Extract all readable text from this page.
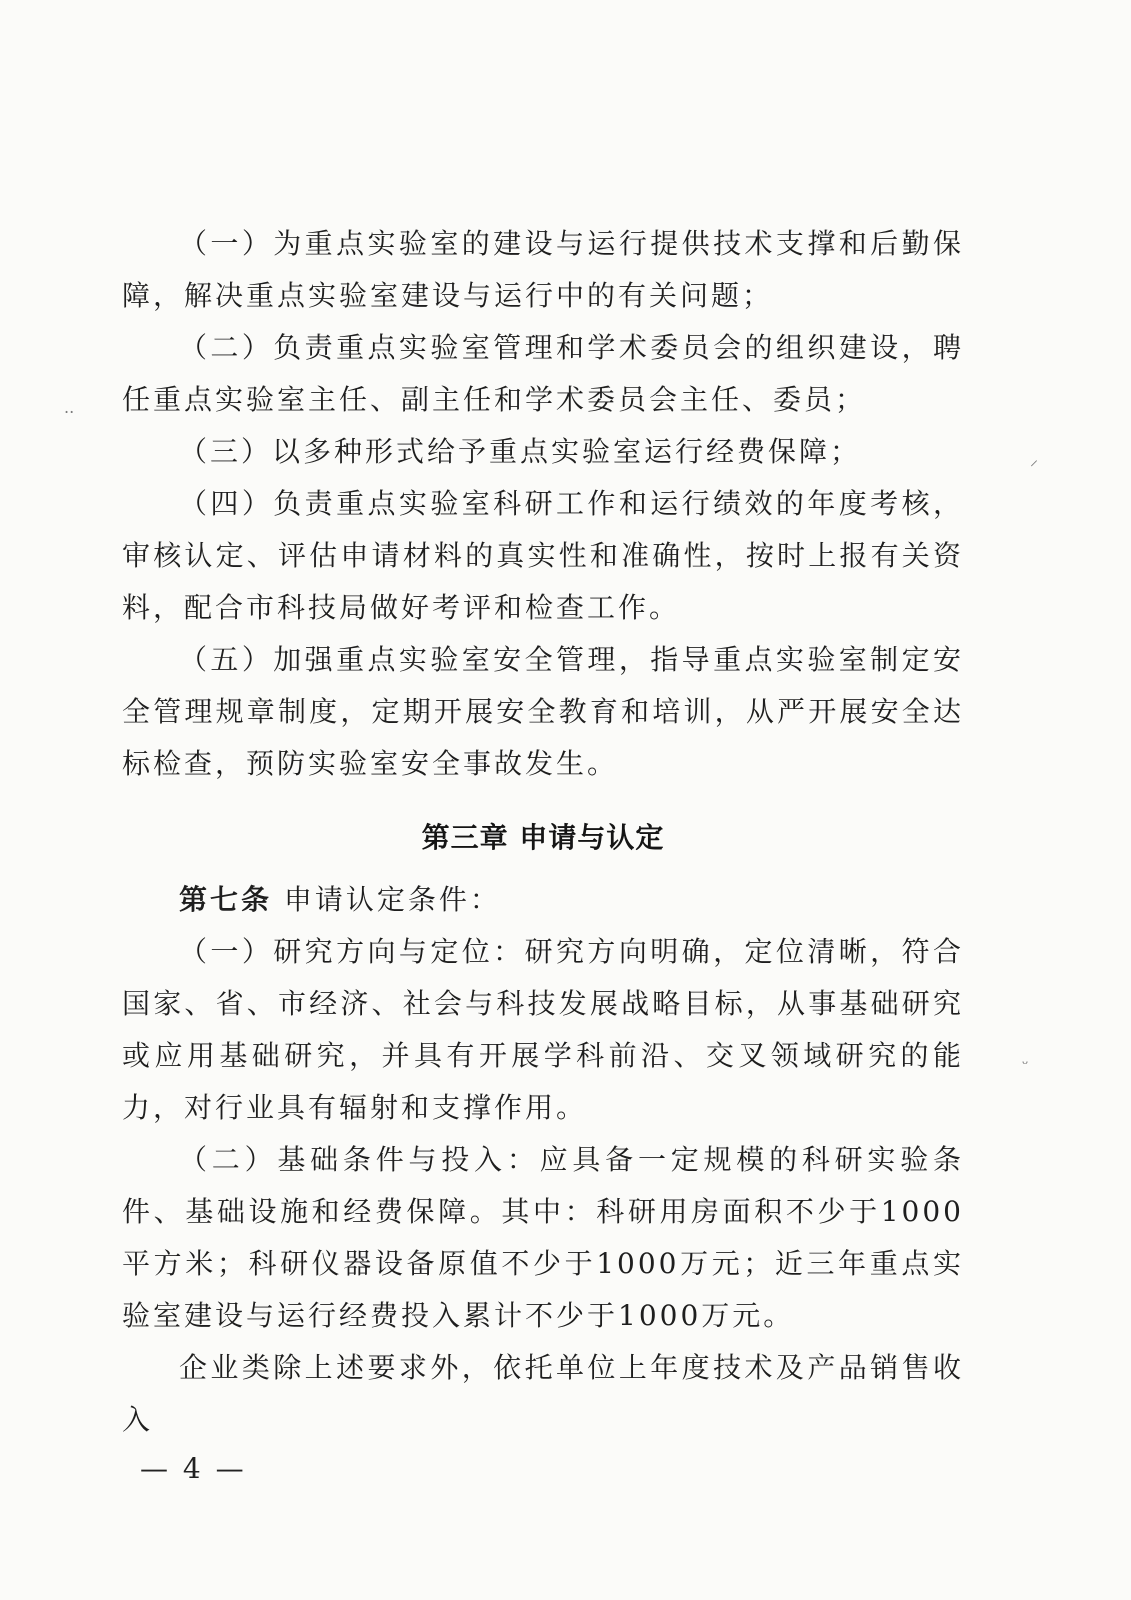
..
⸝
ᵕ

（一）为重点实验室的建设与运行提供技术支撑和后勤保障，解决重点实验室建设与运行中的有关问题；

（二）负责重点实验室管理和学术委员会的组织建设，聘任重点实验室主任、副主任和学术委员会主任、委员；

（三）以多种形式给予重点实验室运行经费保障；

（四）负责重点实验室科研工作和运行绩效的年度考核，审核认定、评估申请材料的真实性和准确性，按时上报有关资料，配合市科技局做好考评和检查工作。

（五）加强重点实验室安全管理，指导重点实验室制定安全管理规章制度，定期开展安全教育和培训，从严开展安全达标检查，预防实验室安全事故发生。

第三章 申请与认定

第七条 申请认定条件：

（一）研究方向与定位：研究方向明确，定位清晰，符合国家、省、市经济、社会与科技发展战略目标，从事基础研究或应用基础研究，并具有开展学科前沿、交叉领域研究的能力，对行业具有辐射和支撑作用。

（二）基础条件与投入：应具备一定规模的科研实验条件、基础设施和经费保障。其中：科研用房面积不少于1000平方米；科研仪器设备原值不少于1000万元；近三年重点实验室建设与运行经费投入累计不少于1000万元。

企业类除上述要求外，依托单位上年度技术及产品销售收入

— 4 —
